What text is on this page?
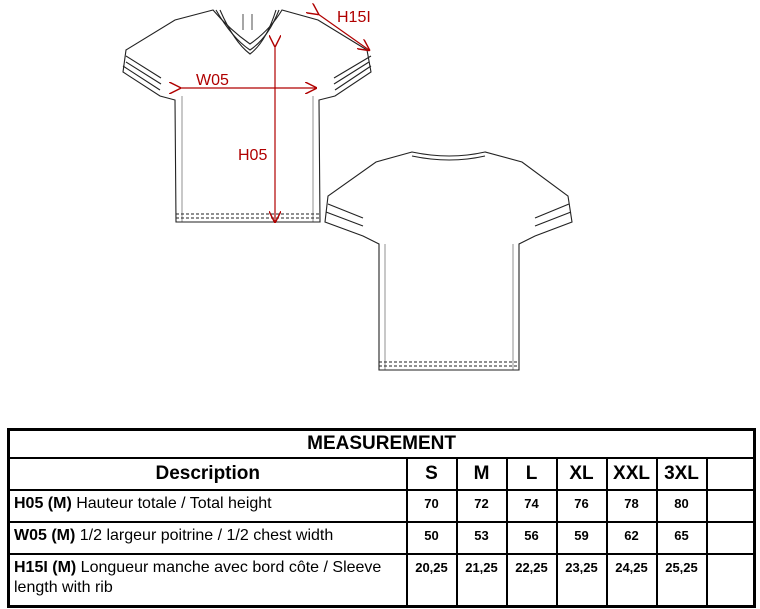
H15I
W05
H05
MEASUREMENT							
Description	S	M	L	XL	XXL	3XL	
H05 (M) Hauteur totale / Total height	70	72	74	76	78	80	
W05 (M) 1/2 largeur poitrine / 1/2 chest width	50	53	56	59	62	65	
H15I (M) Longueur manche avec bord côte / Sleeve length with rib	20,25	21,25	22,25	23,25	24,25	25,25	
